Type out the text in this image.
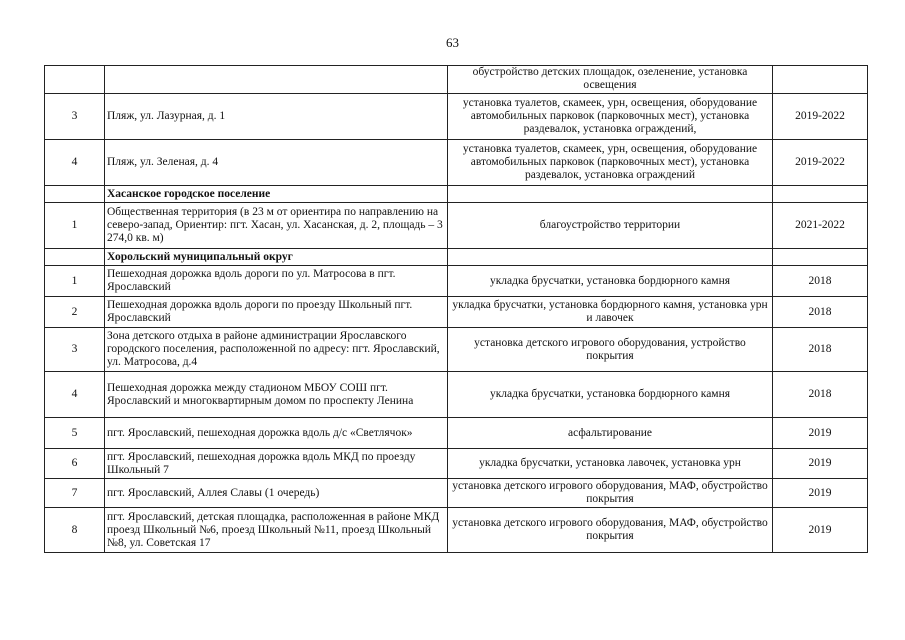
63

		обустройство детских площадок, озеленение, установка освещения	

3	Пляж, ул. Лазурная, д. 1	установка туалетов, скамеек, урн, освещения, оборудование автомобильных парковок (парковочных мест), установка раздевалок, установка ограждений,	2019-2022
4	Пляж, ул. Зеленая, д. 4	установка туалетов, скамеек, урн, освещения, оборудование автомобильных парковок (парковочных мест), установка раздевалок, установка ограждений	2019-2022
	Хасанское городское поселение		
1	Общественная территория (в 23 м от ориентира по направлению на северо-запад, Ориентир: пгт. Хасан, ул. Хасанская, д. 2, площадь – 3 274,0 кв. м)	благоустройство территории	2021-2022
	Хорольский муниципальный округ		
1	Пешеходная дорожка вдоль дороги по ул. Матросова в пгт. Ярославский	укладка брусчатки, установка бордюрного камня	2018
2	Пешеходная дорожка вдоль дороги по проезду Школьный пгт. Ярославский	укладка брусчатки, установка бордюрного камня, установка урн и лавочек	2018
3	Зона детского отдыха в районе администрации Ярославского городского поселения, расположенной по адресу: пгт. Ярославский, ул. Матросова, д.4	установка детского игрового оборудования, устройство покрытия	2018
4	Пешеходная дорожка между стадионом МБОУ СОШ пгт. Ярославский и многоквартирным домом по проспекту Ленина	укладка брусчатки, установка бордюрного камня	2018
5	пгт. Ярославский, пешеходная дорожка вдоль д/с «Светлячок»	асфальтирование	2019
6	пгт. Ярославский, пешеходная дорожка вдоль МКД по проезду Школьный 7	укладка брусчатки, установка лавочек, установка урн	2019
7	пгт. Ярославский, Аллея Славы (1 очередь)	установка детского игрового оборудования, МАФ, обустройство покрытия	2019
8	пгт. Ярославский, детская площадка, расположенная в районе МКД проезд Школьный №6, проезд Школьный №11, проезд Школьный №8, ул. Советская 17	установка детского игрового оборудования, МАФ, обустройство покрытия	2019
